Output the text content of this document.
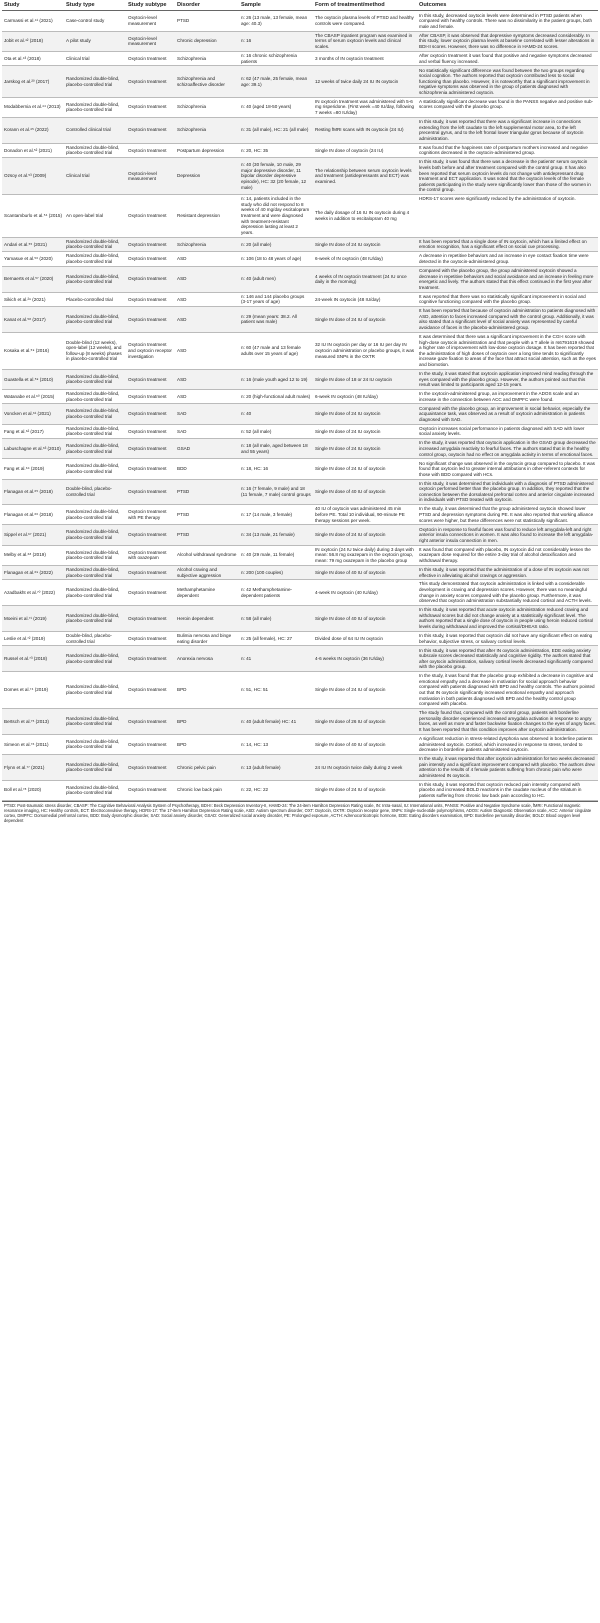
Study	Study type	Study subtype	Disorder	Sample	Form of treatment/method	Outcomes
Carmassi et al.⁴¹ (2021)	Case-control study	Oxytocin-level measurement	PTSD	n: 26 (13 male, 13 female, mean age: 40.3)	The oxytocin plasma levels of PTSD and healthy controls were compared.	In this study, decreased oxytocin levels were determined in PTSD patients when compared with healthy controls. There was no dissimilarity in the patient groups, both male and female.
Jobit et al.⁴² (2018)	A pilot study	Oxytocin-level measurement	Chronic depression	n: 16	The CBASP inpatient program was examined in terms of serum oxytocin levels and clinical scales.	After CBASP, it was observed that depressive symptoms decreased considerably. In this study, lower oxytocin plasma levels at baseline correlated with lesser alterations in BDI-II scores. However, there was no difference in HAMD-24 scores.
Ota et al.⁴³ (2018)	Clinical trial	Oxytocin treatment	Schizophrenia	n: 16 chronic schizophrenia patients	3 months of IN oxytocin treatment	After oxytocin treatment it was found that positive and negative symptoms decreased and verbal fluency increased.
Jarskog et al.²⁰ (2017)	Randomized double-blind, placebo-controlled trial	Oxytocin treatment	Schizophrenia and schizoaffective disorder	n: 62 (47 male, 25 female, mean age: 39.1)	12 weeks of twice daily 24 IU IN oxytocin	No statistically significant difference was found between the two groups regarding social cognition. The authors reported that oxytocin contributed less to social functioning than placebo. However, it is noteworthy that a significant improvement in negative symptoms was observed in the group of patients diagnosed with schizophrenia administered oxytocin.
Modabbernia et al.⁴⁴ (2013)	Randomized double-blind, placebo-controlled trial	Oxytocin treatment	Schizophrenia	n: 40 (aged 18-50 years)	IN oxytocin treatment was administered with 5-6 mg risperidone. (First week =40 IU/day, following 7 weeks =80 IU/day)	A statistically significant decrease was found in the PANSS negative and positive sub-scores compared with the placebo group.
Korann et al.⁴⁵ (2022)	Controlled clinical trial	Oxytocin treatment	Schizophrenia	n: 31 (all male), HC: 21 (all male)	Resting fMRI scans with IN oxytocin (24 IU)	In this study, it was reported that there was a significant increase in connections extending from the left caudate to the left supplemental motor area, to the left precentral gyrus, and to the left frontal lower triangular gyrus because of oxytocin administration.
Donadon et al.⁵² (2021)	Randomized double-blind, placebo-controlled trial	Oxytocin treatment	Postpartum depression	n: 20, HC: 35	Single IN dose of oxytocin (24 IU)	It was found that the happiness rate of postpartum mothers increased and negative cognitions decreased in the oxytocin-administered group.
Ozsoy et al.⁵³ (2009)	Clinical trial	Oxytocin-level measurement	Depression	n: 40 (30 female, 10 male, 29 major depressive disorder, 11 bipolar disorder depressive episode), HC: 32 (20 female, 12 male)	The relationship between serum oxytocin levels and treatment (antidepressants and ECT) was examined.	In this study, it was found that there was a decrease in the patients' serum oxytocin levels both before and after treatment compared with the control group. It has also been reported that serum oxytocin levels do not change with antidepressant drug treatment and ECT application. It was noted that the oxytocin levels of the female patients participating in the study were significantly lower than those of the women in the control group.
Scantamburlo et al.⁵⁴ (2015)	An open-label trial	Oxytocin treatment	Resistant depression	n: 14, patients included in the study who did not respond to 8 weeks of 40 mg/day escitalopram treatment and were diagnosed with treatment-resistant depression lasting at least 2 years.	The daily dosage of 16 IU IN oxytocin during 4 weeks in addition to escitalopram 40 mg	HDRS-17 scores were significantly reduced by the administration of oxytocin.
Andari et al.⁵⁵ (2021)	Randomized double-blind, placebo-controlled trial	Oxytocin treatment	Schizophrenia	n: 20 (all male)	Single IN dose of 24 IU oxytocin	It has been reported that a single dose of IN oxytocin, which has a limited effect on emotion recognition, has a significant effect on social cue processing.
Yamasue et al.⁵⁶ (2020)	Randomized double-blind, placebo-controlled trial	Oxytocin treatment	ASD	n: 106 (18 to 48 years of age)	6-week of IN oxytocin (48 IU/day)	A decrease in repetitive behaviors and an increase in eye contact fixation time were detected in the oxytocin-administered group.
Bernaerts et al.⁵⁷ (2020)	Randomized double-blind, placebo-controlled trial	Oxytocin treatment	ASD	n: 40 (adult men)	4 weeks of IN oxytocin treatment (24 IU once daily in the morning)	Compared with the placebo group, the group administered oxytocin showed a decrease in repetitive behaviors and social avoidance and an increase in feeling more energetic and lively. The authors stated that this effect continued in the first year after treatment.
Sikich et al.²⁹ (2021)	Placebo-controlled trial	Oxytocin treatment	ASD	n: 146 and 144 placebo groups (3-17 years of age)	24-week IN oxytocin (48 IU/day)	It was reported that there was no statistically significant improvement in social and cognitive functioning compared with the placebo group.
Kanat et al.⁵⁸ (2017)	Randomized double-blind, placebo-controlled trial	Oxytocin treatment	ASD	n: 29 (mean years: 38.2. All patient was male)	Single IN dose of 24 IU of oxytocin	It has been reported that because of oxytocin administration to patients diagnosed with ASD, attention to faces increased compared with the control group. Additionally, it was also stated that a significant level of social anxiety was represented by careful avoidance of faces in the placebo-administered group.
Kosaka et al.⁵⁹ (2016)	Double-blind (12 weeks), open-label (12 weeks), and follow-up (8 weeks) phases in placebo-controlled trial	Oxytocin treatment and oxytocin receptor investigation	ASD	n: 60 (47 male and 13 female adults over 15 years of age)	32 IU IN oxytocin per day or 16 IU per day IN oxytocin administration or placebo groups, it was measured SNPs in the OXTR	It was determined that there was a significant improvement in the CGI-I score with high-dose oxytocin administration and that people with a T allele in rs6791619 showed a higher rate of improvement with low-dose oxytocin dosage. It has been reported that the administration of high doses of oxytocin over a long time tends to significantly increase gaze fixation to areas of the face that attract social attention, such as the eyes and biomotion.
Guastella et al.⁵⁹ (2010)	Randomized double-blind, placebo-controlled trial	Oxytocin treatment	ASD	n: 16 (male youth aged 12 to 19)	Single IN dose of 18 or 24 IU oxytocin	In the study, it was stated that oxytocin application improved mind reading through the eyes compared with the placebo group. However, the authors pointed out that this result was limited to participants aged 12-15 years.
Watanabe et al.⁶⁰ (2015)	Randomized double-blind, placebo-controlled trial	Oxytocin treatment	ASD	n: 20 (high-functional adult males)	6-week IN oxytocin (48 IU/day)	In the oxytocin-administered group, an improvement in the ADOS scale and an increase in the connection between ACC and DMPFC were found.
Voncken et al.⁶¹ (2021)	Randomized double-blind, placebo-controlled trial	Oxytocin treatment	SAD	n: 40	Single IN dose of 24 IU oxytocin	Compared with the placebo group, an improvement in social behavior, especially the acquaintance task, was observed as a result of oxytocin administration in patients diagnosed with SAD.
Fang et al.⁶² (2017)	Randomized double-blind, placebo-controlled trial	Oxytocin treatment	SAD	n: 52 (all male)	Single IN dose of 24 IU oxytocin	Oxytocin increases social performance in patients diagnosed with SAD with lower social anxiety levels.
Labuschagne et al.⁶³ (2010)	Randomized double-blind, placebo-controlled trial	Oxytocin treatment	GSAD	n: 18 (all male, aged between 18 and 55 years)	Single IN dose of 24 IU oxytocin	In the study, it was reported that oxytocin application in the GSAD group decreased the increased amygdala reactivity to fearful faces. The authors stated that in the healthy control group, oxytocin had no effect on amygdala activity in terms of emotional faces.
Fang et al.⁶⁴ (2019)	Randomized double-blind, placebo-controlled trial	Oxytocin treatment	BDD	n: 18, HC: 16	Single IN dose of 24 IU of oxytocin	No significant change was observed in the oxytocin group compared to placebo. It was found that oxytocin led to greater internal attributions in other-referent contexts for those with BDD compared with HCs.
Flanagan et al.⁶⁵ (2018)	Double-blind, placebo-controlled trial	Oxytocin treatment	PTSD	n: 16 (7 female, 9 male) and 18 (11 female, 7 male) control groups	Single IN dose of 40 IU of oxytocin	In this study, it was determined that individuals with a diagnosis of PTSD administered oxytocin performed better than the placebo group. In addition, they reported that the connection between the dorsolateral prefrontal cortex and anterior cingulate increased in individuals with PTSD treated with oxytocin.
Flanagan et al.⁶⁶ (2018)	Randomized double-blind, placebo-controlled trial	Oxytocin treatment with PE therapy	PTSD	n: 17 (14 male, 3 female)	40 IU of oxytocin was administered 45 min before PE. Total 10 individual, 90-minute PE therapy sessions per week.	In the study, it was determined that the group administered oxytocin showed lower PTSD and depression symptoms during PE. It was also reported that working alliance scores were higher, but these differences were not statistically significant.
Sippel et al.⁶⁷ (2021)	Randomized double-blind, placebo-controlled trial	Oxytocin treatment	PTSD	n: 34 (13 male, 21 female)	Single IN dose of 24 IU of oxytocin	Oxytocin in response to fearful faces was found to reduce left amygdala-left and right anterior insula connections in women. It was also found to increase the left amygdala-right anterior insula connection in men.
Melby et al.⁶⁸ (2019)	Randomized double-blind, placebo-controlled trial	Oxytocin treatment with oxazepam	Alcohol withdrawal syndrome	n: 40 (29 male, 11 female)	IN oxytocin (24 IU twice daily) during 3 days with mean: 56.8 mg oxazepam in the oxytocin group, mean: 79 mg oxazepam in the placebo group	It was found that compared with placebo, IN oxytocin did not considerably lessen the oxazepam dose required for the entire 3-day trial of alcohol detoxification and withdrawal therapy.
Flanagan et al.⁶⁹ (2022)	Randomized double-blind, placebo-controlled trial	Oxytocin treatment	Alcohol craving and subjective aggression	n: 200 (100 couples)	Single IN dose of 40 IU of oxytocin	In this study, it was reported that the administration of a dose of IN oxytocin was not effective in alleviating alcohol cravings or aggression.
Azadbakht et al.⁷⁰ (2022)	Randomized double-blind, placebo-controlled trial	Oxytocin treatment	Methamphetamine dependent	n: 42 Methamphetamine-dependent patients	4-week IN oxytocin (40 IU/day)	This study demonstrated that oxytocin administration is linked with a considerable development in craving and depression scores. However, there was no meaningful change in anxiety scores compared with the placebo group. Furthermore, it was observed that oxytocin administration substantially reduced cortisol and ACTH levels.
Moeini et al.⁷¹ (2019)	Randomized double-blind, placebo-controlled trial	Oxytocin treatment	Heroin dependent	n: 58 (all male)	Single IN dose of 40 IU of oxytocin	In this study, it was reported that acute oxytocin administration reduced craving and withdrawal scores but did not change anxiety at a statistically significant level. The authors reported that a single dose of oxytocin in people using heroin reduced cortisol levels during withdrawal and improved the cortisol/DHEAS ratio.
Leslie et al.⁷² (2019)	Double-blind, placebo-controlled trial	Oxytocin treatment	Bulimia nervosa and binge eating disorder	n: 25 (all female), HC: 27	Divided dose of 64 IU IN oxytocin	In this study, it was reported that oxytocin did not have any significant effect on eating behavior, subjective stress, or salivary cortisol levels.
Russel et al.⁷³ (2018)	Randomized double-blind, placebo-controlled trial	Oxytocin treatment	Anorexia nervosa	n: 41	4-6 weeks IN oxytocin (36 IU/day)	In this study, it was reported that after IN oxytocin administration, EDE eating anxiety subscale scores decreased statistically and cognitive rigidity. The authors stated that after oxytocin administration, salivary cortisol levels decreased significantly compared with the placebo group.
Domes et al.⁷⁴ (2019)	Randomized double-blind, placebo-controlled trial	Oxytocin treatment	BPD	n: 51, HC: 51	Single IN dose of 24 IU of oxytocin	In the study, it was found that the placebo group exhibited a decrease in cognitive and emotional empathy and a decrease in motivation for social approach behavior compared with patients diagnosed with BPD and healthy controls. The authors pointed out that IN oxytocin significantly increased emotional empathy and approach motivation in both patients diagnosed with BPD and the healthy control group compared with placebo.
Bertsch et al.⁷⁵ (2013)	Randomized double-blind, placebo-controlled trial	Oxytocin treatment	BPD	n: 40 (adult female) HC: 41	Single IN dose of 26 IU of oxytocin	The study found that, compared with the control group, patients with borderline personality disorder experienced increased amygdala activation in response to angry faces, as well as more and faster backwise fixation changes to the eyes of angry faces. It has been reported that this condition improves after oxytocin administration.
Simeon et al.⁷⁶ (2011)	Randomized double-blind, placebo-controlled trial	Oxytocin treatment	BPD	n: 14, HC: 13	Single IN dose of 40 IU of oxytocin	A significant reduction in stress-related dysphoria was observed in borderline patients administered oxytocin. Cortisol, which increased in response to stress, tended to decrease in borderline patients administered oxytocin.
Flynn et al.⁷⁷ (2021)	Randomized double-blind, placebo-controlled trial	Oxytocin treatment	Chronic pelvic pain	n: 13 (adult female)	24 IU IN oxytocin twice daily during 2 week	In the study, it was reported that after oxytocin administration for two weeks decreased pain intensity and a significant improvement compared with placebo. The authors drew attention to the results of 4 female patients suffering from chronic pain who were administered IN oxytocin.
Boll et al.⁷⁸ (2020)	Randomized double-blind, placebo-controlled trial	Oxytocin treatment	Chronic low back pain	n: 22, HC: 22	Single IN dose of 24 IU of oxytocin	In this study, it was reported that oxytocin reduced pain intensity compared with placebo and increased BOLD reactions in the caudate nucleus of the striatum in patients suffering from chronic low back pain according to HC.
PTSD: Post-traumatic stress disorder, CBASP: The Cognitive Behavioral Analysis System of Psychotherapy, BDI-II: Beck Depression Inventory-II, HAMD-24: The 24-item Hamilton Depression Rating scale, IN: Intra-nasal, IU: International units, PANSS: Positive and Negative Syndrome scale, fMRI: Functional magnetic resonance imaging, HC: Healthy controls, ECT: Electroconvulsive therapy, HDRS-17: The 17-item Hamilton Depression Rating scale, ASD: Autism spectrum disorder, OXT: Oxytocin, OXTR: Oxytocin receptor gene, SNPs: Single-nucleotide polymorphisms, ADOS: Autism Diagnostic Observation scale, ACC: Anterior cingulate cortex, DMPFC: Dorsomedial prefrontal cortex, BDD: Body dysmorphic disorder, SAD: Social anxiety disorder, GSAD: Generalized social anxiety disorder, PE: Prolonged exposure, ACTH: Adrenocorticotropic hormone, EDE: Eating disorders examination, BPD: Borderline personality disorder, BOLD: Blood oxygen level dependent
